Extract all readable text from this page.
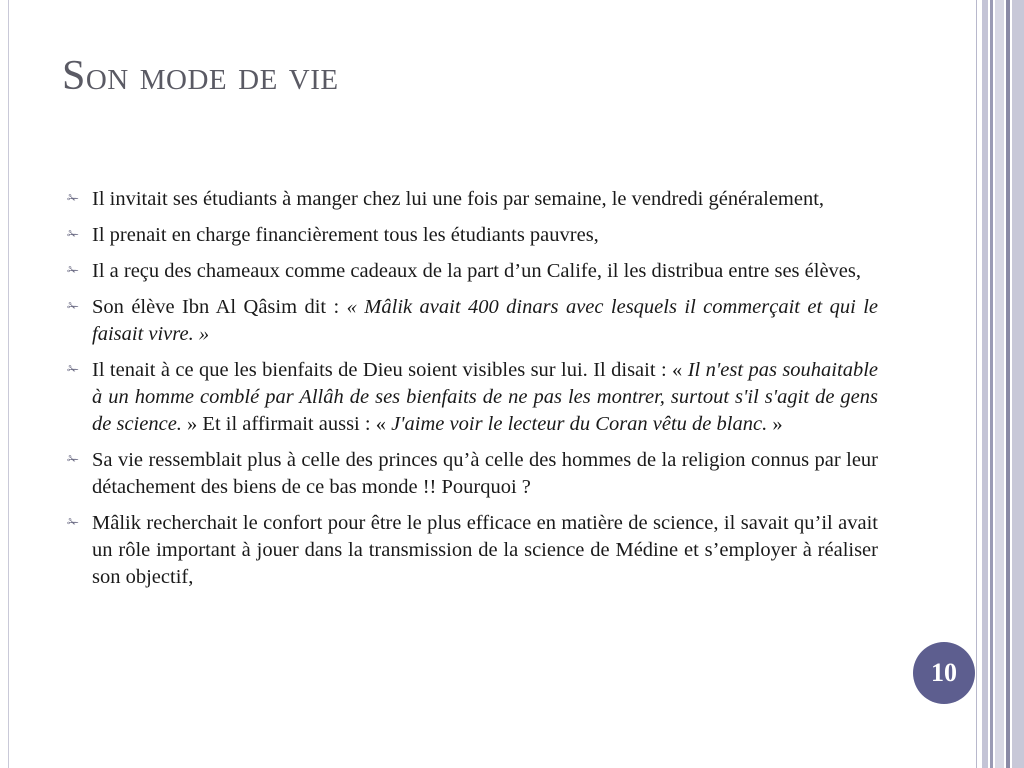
Son mode de vie
✁ Il invitait ses étudiants à manger chez lui une fois par semaine, le vendredi généralement,
✁ Il prenait en charge financièrement tous les étudiants pauvres,
✁ Il a reçu des chameaux comme cadeaux de la part d’un Calife, il les distribua entre ses élèves,
✁ Son élève Ibn Al Qâsim dit : « Mâlik avait 400 dinars avec lesquels il commerçait et qui le faisait vivre. »
✁ Il tenait à ce que les bienfaits de Dieu soient visibles sur lui. Il disait : « Il n'est pas souhaitable à un homme comblé par Allâh de ses bienfaits de ne pas les montrer, surtout s'il s'agit de gens de science. » Et il affirmait aussi : « J'aime voir le lecteur du Coran vêtu de blanc. »
✁ Sa vie ressemblait plus à celle des princes qu’à celle des hommes de la religion connus par leur détachement des biens de ce bas monde !! Pourquoi ?
✁ Mâlik recherchait le confort pour être le plus efficace en matière de science, il savait qu’il avait un rôle important à jouer dans la transmission de la science de Médine et s’employer à réaliser son objectif,
10
